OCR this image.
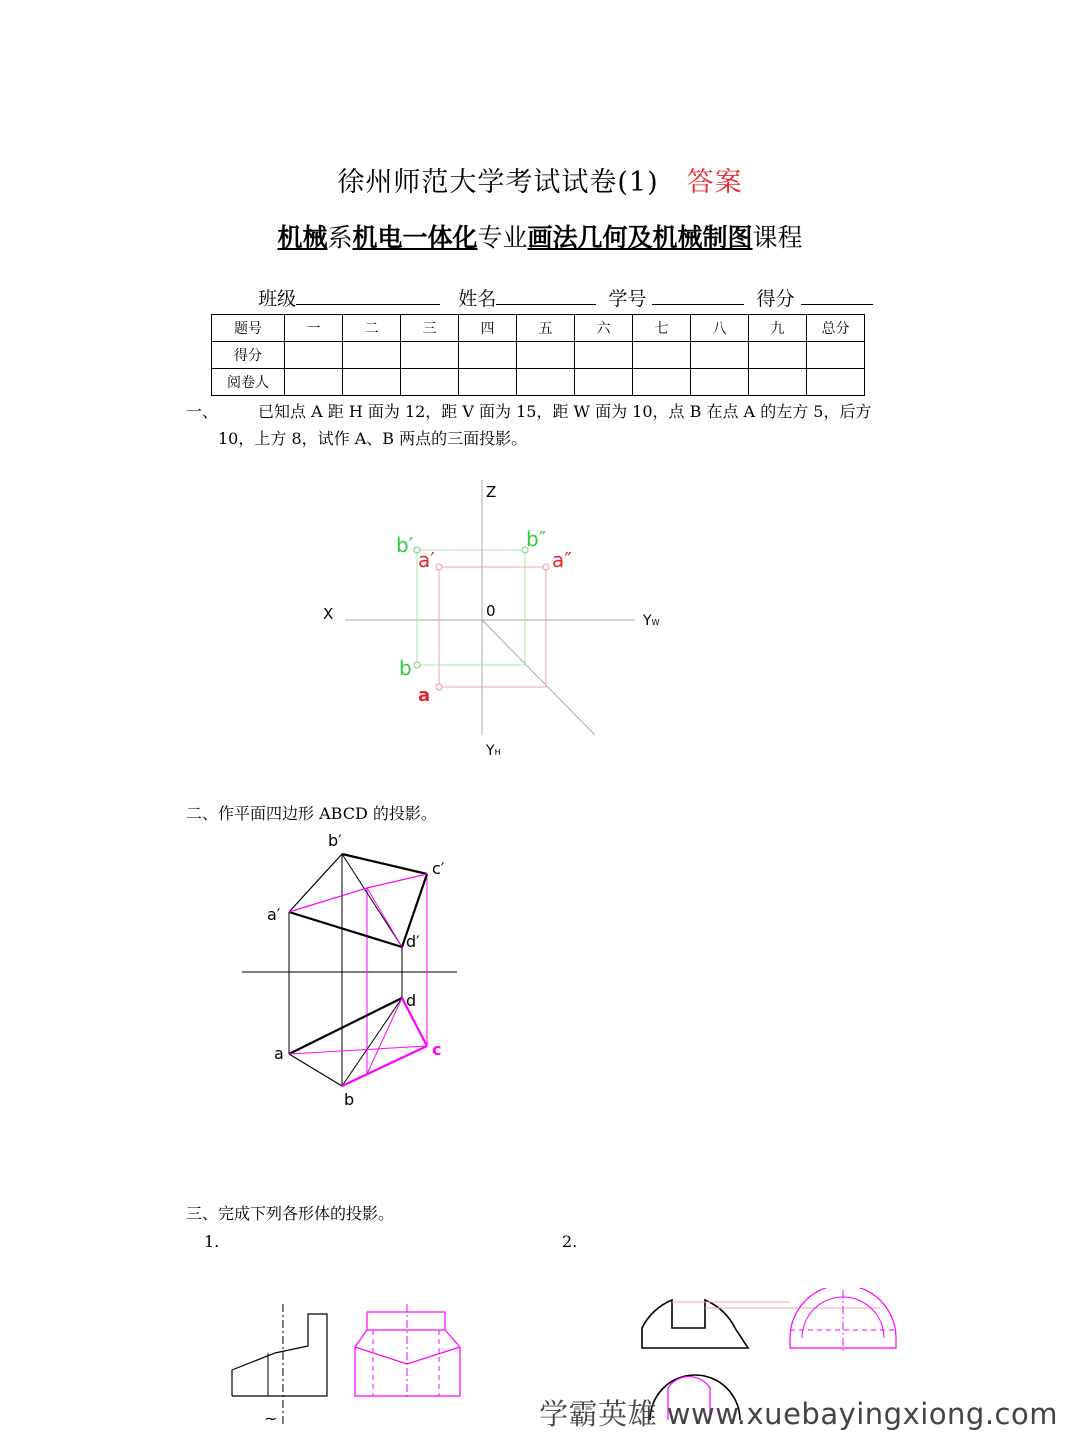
徐州师范大学考试试卷(1) 答案
机械系机电一体化专业画法几何及机械制图课程

班级	姓名	学号	得分

题号	一	二	三	四	五	六	七	八	九	总分
得分										
阅卷人										
一、 已知点 A 距 H 面为 12，距 V 面为 15，距 W 面为 10，点 B 在点 A 的左方 5，后方
10，上方 8，试作 A、B 两点的三面投影。
Z
X	0
YW
YH
b′	b″
a′	a″
b
a
二、作平面四边形 ABCD 的投影。
b′
c′
a′
d′
d
a	c
b
三、完成下列各形体的投影。
1.	2.
~	学霸英雄 www.xuebayingxiong.com
